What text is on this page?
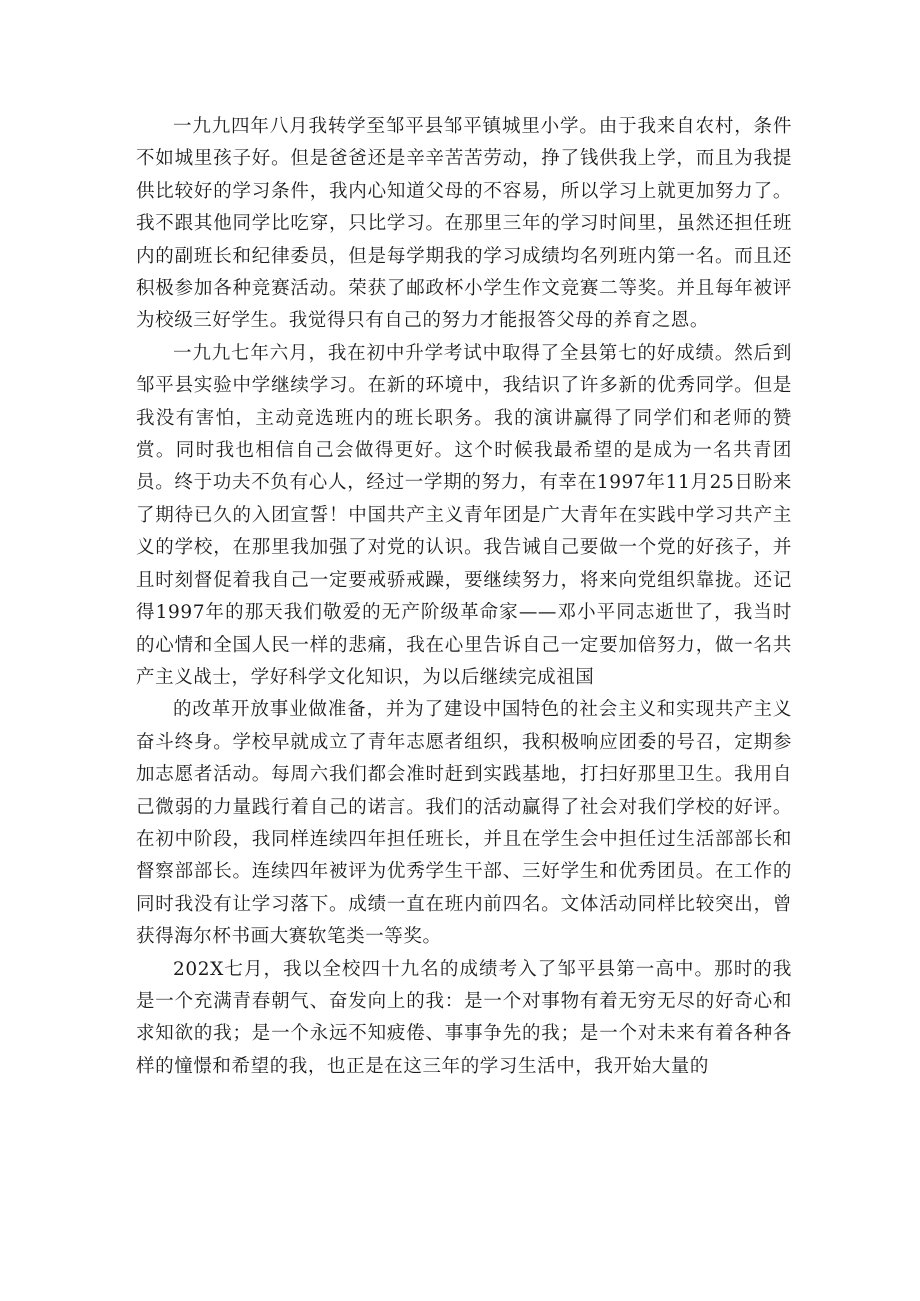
一九九四年八月我转学至邹平县邹平镇城里小学。由于我来自农村，条件不如城里孩子好。但是爸爸还是辛辛苦苦劳动，挣了钱供我上学，而且为我提供比较好的学习条件，我内心知道父母的不容易，所以学习上就更加努力了。我不跟其他同学比吃穿，只比学习。在那里三年的学习时间里，虽然还担任班内的副班长和纪律委员，但是每学期我的学习成绩均名列班内第一名。而且还积极参加各种竞赛活动。荣获了邮政杯小学生作文竞赛二等奖。并且每年被评为校级三好学生。我觉得只有自己的努力才能报答父母的养育之恩。

一九九七年六月，我在初中升学考试中取得了全县第七的好成绩。然后到邹平县实验中学继续学习。在新的环境中，我结识了许多新的优秀同学。但是我没有害怕，主动竞选班内的班长职务。我的演讲赢得了同学们和老师的赞赏。同时我也相信自己会做得更好。这个时候我最希望的是成为一名共青团员。终于功夫不负有心人，经过一学期的努力，有幸在1997年11月25日盼来了期待已久的入团宣誓！中国共产主义青年团是广大青年在实践中学习共产主义的学校，在那里我加强了对党的认识。我告诫自己要做一个党的好孩子，并且时刻督促着我自己一定要戒骄戒躁，要继续努力，将来向党组织靠拢。还记得1997年的那天我们敬爱的无产阶级革命家——邓小平同志逝世了，我当时的心情和全国人民一样的悲痛，我在心里告诉自己一定要加倍努力，做一名共产主义战士，学好科学文化知识，为以后继续完成祖国

的改革开放事业做准备，并为了建设中国特色的社会主义和实现共产主义奋斗终身。学校早就成立了青年志愿者组织，我积极响应团委的号召，定期参加志愿者活动。每周六我们都会准时赶到实践基地，打扫好那里卫生。我用自己微弱的力量践行着自己的诺言。我们的活动赢得了社会对我们学校的好评。在初中阶段，我同样连续四年担任班长，并且在学生会中担任过生活部部长和督察部部长。连续四年被评为优秀学生干部、三好学生和优秀团员。在工作的同时我没有让学习落下。成绩一直在班内前四名。文体活动同样比较突出，曾获得海尔杯书画大赛软笔类一等奖。

202X七月，我以全校四十九名的成绩考入了邹平县第一高中。那时的我是一个充满青春朝气、奋发向上的我：是一个对事物有着无穷无尽的好奇心和求知欲的我；是一个永远不知疲倦、事事争先的我；是一个对未来有着各种各样的憧憬和希望的我，也正是在这三年的学习生活中，我开始大量的
